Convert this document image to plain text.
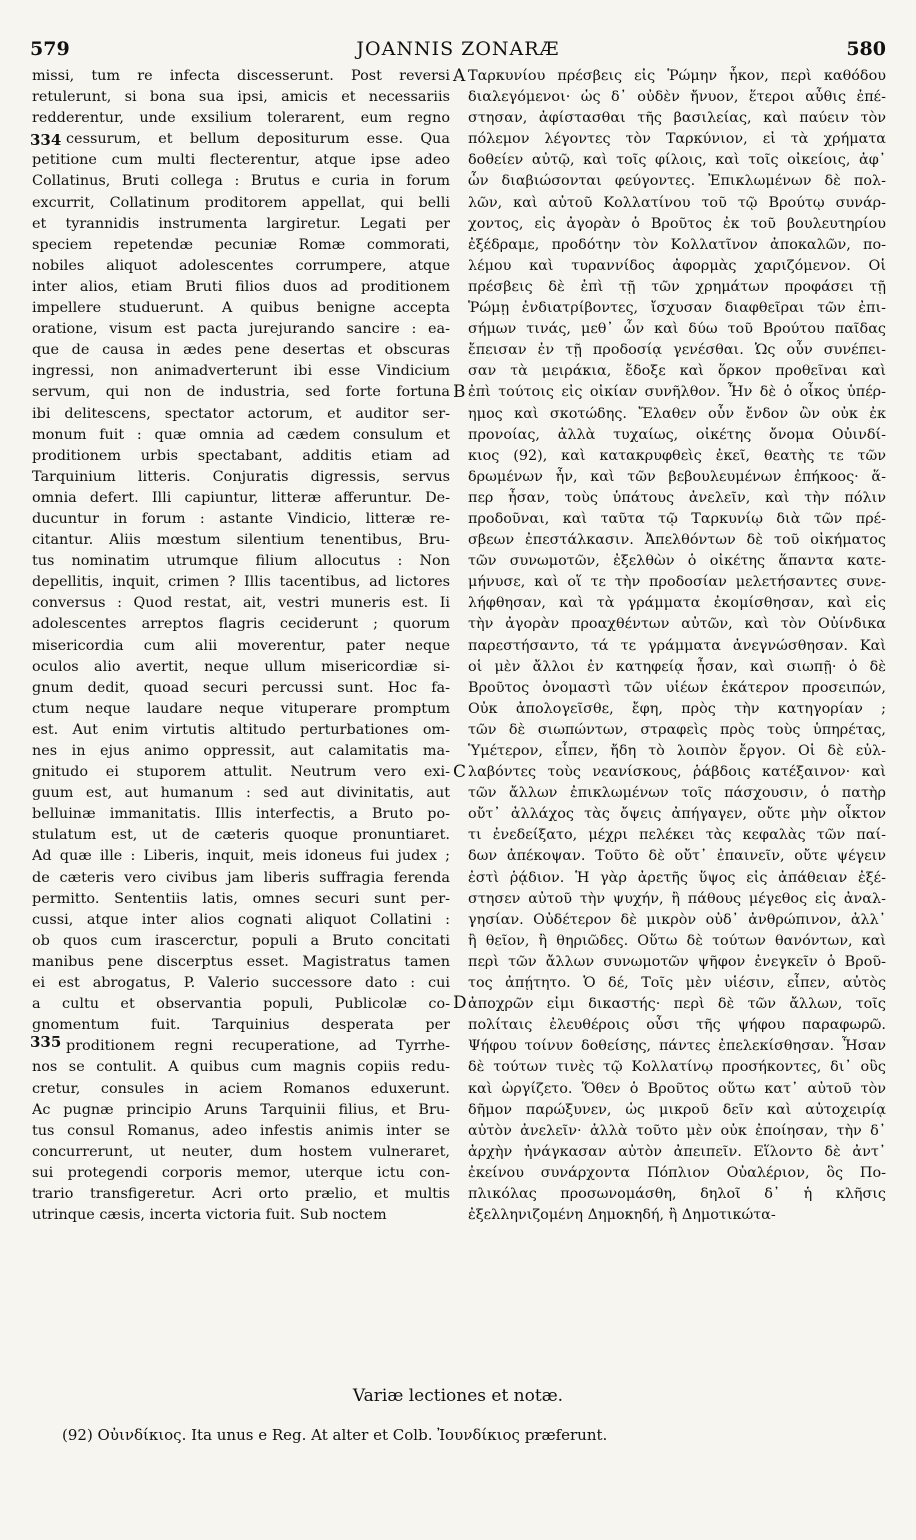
579	JOANNIS ZONARÆ	580
missi, tum re infecta discesserunt. Post reversi
retulerunt, si bona sua ipsi, amicis et necessariis
redderentur, unde exsilium tolerarent, eum regno
cessurum, et bellum depositurum esse. Qua
petitione cum multi flecterentur, atque ipse adeo
Collatinus, Bruti collega : Brutus e curia in forum
excurrit, Collatinum proditorem appellat, qui belli
et tyrannidis instrumenta largiretur. Legati per
speciem repetendæ pecuniæ Romæ commorati,
nobiles aliquot adolescentes corrumpere, atque
inter alios, etiam Bruti filios duos ad proditionem
impellere studuerunt. A quibus benigne accepta
oratione, visum est pacta jurejurando sancire : ea-
que de causa in ædes pene desertas et obscuras
ingressi, non animadverterunt ibi esse Vindicium
servum, qui non de industria, sed forte fortuna
ibi delitescens, spectator actorum, et auditor ser-
monum fuit : quæ omnia ad cædem consulum et
proditionem urbis spectabant, additis etiam ad
Tarquinium litteris. Conjuratis digressis, servus
omnia defert. Illi capiuntur, litteræ afferuntur. De-
ducuntur in forum : astante Vindicio, litteræ re-
citantur. Aliis mœstum silentium tenentibus, Bru-
tus nominatim utrumque filium allocutus : Non
depellitis, inquit, crimen ? Illis tacentibus, ad lictores
conversus : Quod restat, ait, vestri muneris est. Ii
adolescentes arreptos flagris ceciderunt ; quorum
misericordia cum alii moverentur, pater neque
oculos alio avertit, neque ullum misericordiæ si-
gnum dedit, quoad securi percussi sunt. Hoc fa-
ctum neque laudare neque vituperare promptum
est. Aut enim virtutis altitudo perturbationes om-
nes in ejus animo oppressit, aut calamitatis ma-
gnitudo ei stuporem attulit. Neutrum vero exi-
guum est, aut humanum : sed aut divinitatis, aut
belluinæ immanitatis. Illis interfectis, a Bruto po-
stulatum est, ut de cæteris quoque pronuntiaret.
Ad quæ ille : Liberis, inquit, meis idoneus fui judex ;
de cæteris vero civibus jam liberis suffragia ferenda
permitto. Sententiis latis, omnes securi sunt per-
cussi, atque inter alios cognati aliquot Collatini :
ob quos cum irascerctur, populi a Bruto concitati
manibus pene discerptus esset. Magistratus tamen
ei est abrogatus, P. Valerio successore dato : cui
a cultu et observantia populi, Publicolæ co-
gnomentum fuit. Tarquinius desperata per
proditionem regni recuperatione, ad Tyrrhe-
nos se contulit. A quibus cum magnis copiis redu-
cretur, consules in aciem Romanos eduxerunt.
Ac pugnæ principio Aruns Tarquinii filius, et Bru-
tus consul Romanus, adeo infestis animis inter se
concurrerunt, ut neuter, dum hostem vulneraret,
sui protegendi corporis memor, uterque ictu con-
trario transfigeretur. Acri orto prælio, et multis
utrinque cæsis, incerta victoria fuit. Sub noctem
Ταρκυνίου πρέσβεις εἰς Ῥώμην ἧκον, περὶ καθόδου
διαλεγόμενοι· ὡς δ᾿ οὐδὲν ἤνυον, ἕτεροι αὖθις ἐπέ-
στησαν, ἀφίστασθαι τῆς βασιλείας, καὶ παύειν τὸν
πόλεμον λέγοντες τὸν Ταρκύνιον, εἰ τὰ χρήματα
δοθείεν αὐτῷ, καὶ τοῖς φίλοις, καὶ τοῖς οἰκείοις, ἀφ᾿
ὧν διαβιώσονται φεύγοντες. Ἐπικλωμένων δὲ πολ-
λῶν, καὶ αὐτοῦ Κολλατίνου τοῦ τῷ Βρούτῳ συνάρ-
χοντος, εἰς ἀγορὰν ὁ Βροῦτος ἐκ τοῦ βουλευτηρίου
ἐξέδραμε, προδότην τὸν Κολλατῖνον ἀποκαλῶν, πο-
λέμου καὶ τυραννίδος ἀφορμὰς χαριζόμενον. Οἱ
πρέσβεις δὲ ἐπὶ τῇ τῶν χρημάτων προφάσει τῇ
Ῥώμῃ ἐνδιατρίβοντες, ἴσχυσαν διαφθεῖραι τῶν ἐπι-
σήμων τινάς, μεθ᾿ ὧν καὶ δύω τοῦ Βρούτου παῖδας
ἔπεισαν ἐν τῇ προδοσίᾳ γενέσθαι. Ὡς οὖν συνέπει-
σαν τὰ μειράκια, ἔδοξε καὶ ὅρκον προθεῖναι καὶ
ἐπὶ τούτοις εἰς οἰκίαν συνῆλθον. Ἦν δὲ ὁ οἶκος ὑπέρ-
ημος καὶ σκοτώδης. Ἔλαθεν οὖν ἔνδον ὢν οὐκ ἐκ
προνοίας, ἀλλὰ τυχαίως, οἰκέτης ὄνομα Οὐινδί-
κιος (92), καὶ κατακρυφθεὶς ἐκεῖ, θεατὴς τε τῶν
δρωμένων ἦν, καὶ τῶν βεβουλευμένων ἐπήκοος· ἅ-
περ ἦσαν, τοὺς ὑπάτους ἀνελεῖν, καὶ τὴν πόλιν
προδοῦναι, καὶ ταῦτα τῷ Ταρκυνίῳ διὰ τῶν πρέ-
σβεων ἐπεστάλκασιν. Ἀπελθόντων δὲ τοῦ οἰκήματος
τῶν συνωμοτῶν, ἐξελθὼν ὁ οἰκέτης ἅπαντα κατε-
μήνυσε, καὶ οἵ τε τὴν προδοσίαν μελετήσαντες συνε-
λήφθησαν, καὶ τὰ γράμματα ἐκομίσθησαν, καὶ εἰς
τὴν ἀγορὰν προαχθέντων αὐτῶν, καὶ τὸν Οὐίνδικα
παρεστήσαντο, τά τε γράμματα ἀνεγνώσθησαν. Καὶ
οἱ μὲν ἄλλοι ἐν κατηφείᾳ ἦσαν, καὶ σιωπῇ· ὁ δὲ
Βροῦτος ὀνομαστὶ τῶν υἱέων ἑκάτερον προσειπών,
Οὐκ ἀπολογεῖσθε, ἔφη, πρὸς τὴν κατηγορίαν ;
τῶν δὲ σιωπώντων, στραφεὶς πρὸς τοὺς ὑπηρέτας,
Ὑμέτερον, εἶπεν, ἤδη τὸ λοιπὸν ἔργον. Οἱ δὲ εὐλ-
λαβόντες τοὺς νεανίσκους, ῥάβδοις κατέξαινον· καὶ
τῶν ἄλλων ἐπικλωμένων τοῖς πάσχουσιν, ὁ πατὴρ
οὔτ᾿ ἀλλάχος τὰς ὄψεις ἀπήγαγεν, οὔτε μὴν οἶκτον
τι ἐνεδείξατο, μέχρι πελέκει τὰς κεφαλὰς τῶν παί-
δων ἀπέκοψαν. Τοῦτο δὲ οὔτ᾿ ἐπαινεῖν, οὔτε ψέγειν
ἐστὶ ῥᾴδιον. Ἡ γὰρ ἀρετῆς ὕψος εἰς ἀπάθειαν ἐξέ-
στησεν αὐτοῦ τὴν ψυχήν, ἢ πάθους μέγεθος εἰς ἀναλ-
γησίαν. Οὐδέτερον δὲ μικρὸν οὐδ᾿ ἀνθρώπινον, ἀλλ᾿
ἢ θεῖον, ἢ θηριῶδες. Οὕτω δὲ τούτων θανόντων, καὶ
περὶ τῶν ἄλλων συνωμοτῶν ψῆφον ἐνεγκεῖν ὁ Βροῦ-
τος ἀπῄτητο. Ὁ δέ, Τοῖς μὲν υἱέσιν, εἶπεν, αὐτὸς
ἀποχρῶν εἰμι δικαστής· περὶ δὲ τῶν ἄλλων, τοῖς
πολίταις ἐλευθέροις οὖσι τῆς ψήφου παραφωρῶ.
Ψήφου τοίνυν δοθείσης, πάντες ἐπελεκίσθησαν. Ἦσαν
δὲ τούτων τινὲς τῷ Κολλατίνῳ προσήκοντες, δι᾿ οὓς
καὶ ὠργίζετο. Ὅθεν ὁ Βροῦτος οὕτω κατ᾿ αὐτοῦ τὸν
δῆμον παρώξυνεν, ὡς μικροῦ δεῖν καὶ αὐτοχειρίᾳ
αὐτὸν ἀνελεῖν· ἀλλὰ τοῦτο μὲν οὐκ ἐποίησαν, τὴν δ᾿
ἀρχὴν ἠνάγκασαν αὐτὸν ἀπειπεῖν. Εἵλοντο δὲ ἀντ᾿
ἐκείνου συνάρχοντα Πόπλιον Οὐαλέριον, ὃς Πο-
πλικόλας προσωνομάσθη, δηλοῖ δ᾿ ἡ κλῆσις
ἐξελληνιζομένη Δημοκηδή, ἢ Δημοτικώτα-
334
335
A
B
C
D
Variæ lectiones et notæ.
(92) Οὐινδίκιος. Ita unus e Reg. At alter et Colb. Ἰουνδίκιος præferunt.
